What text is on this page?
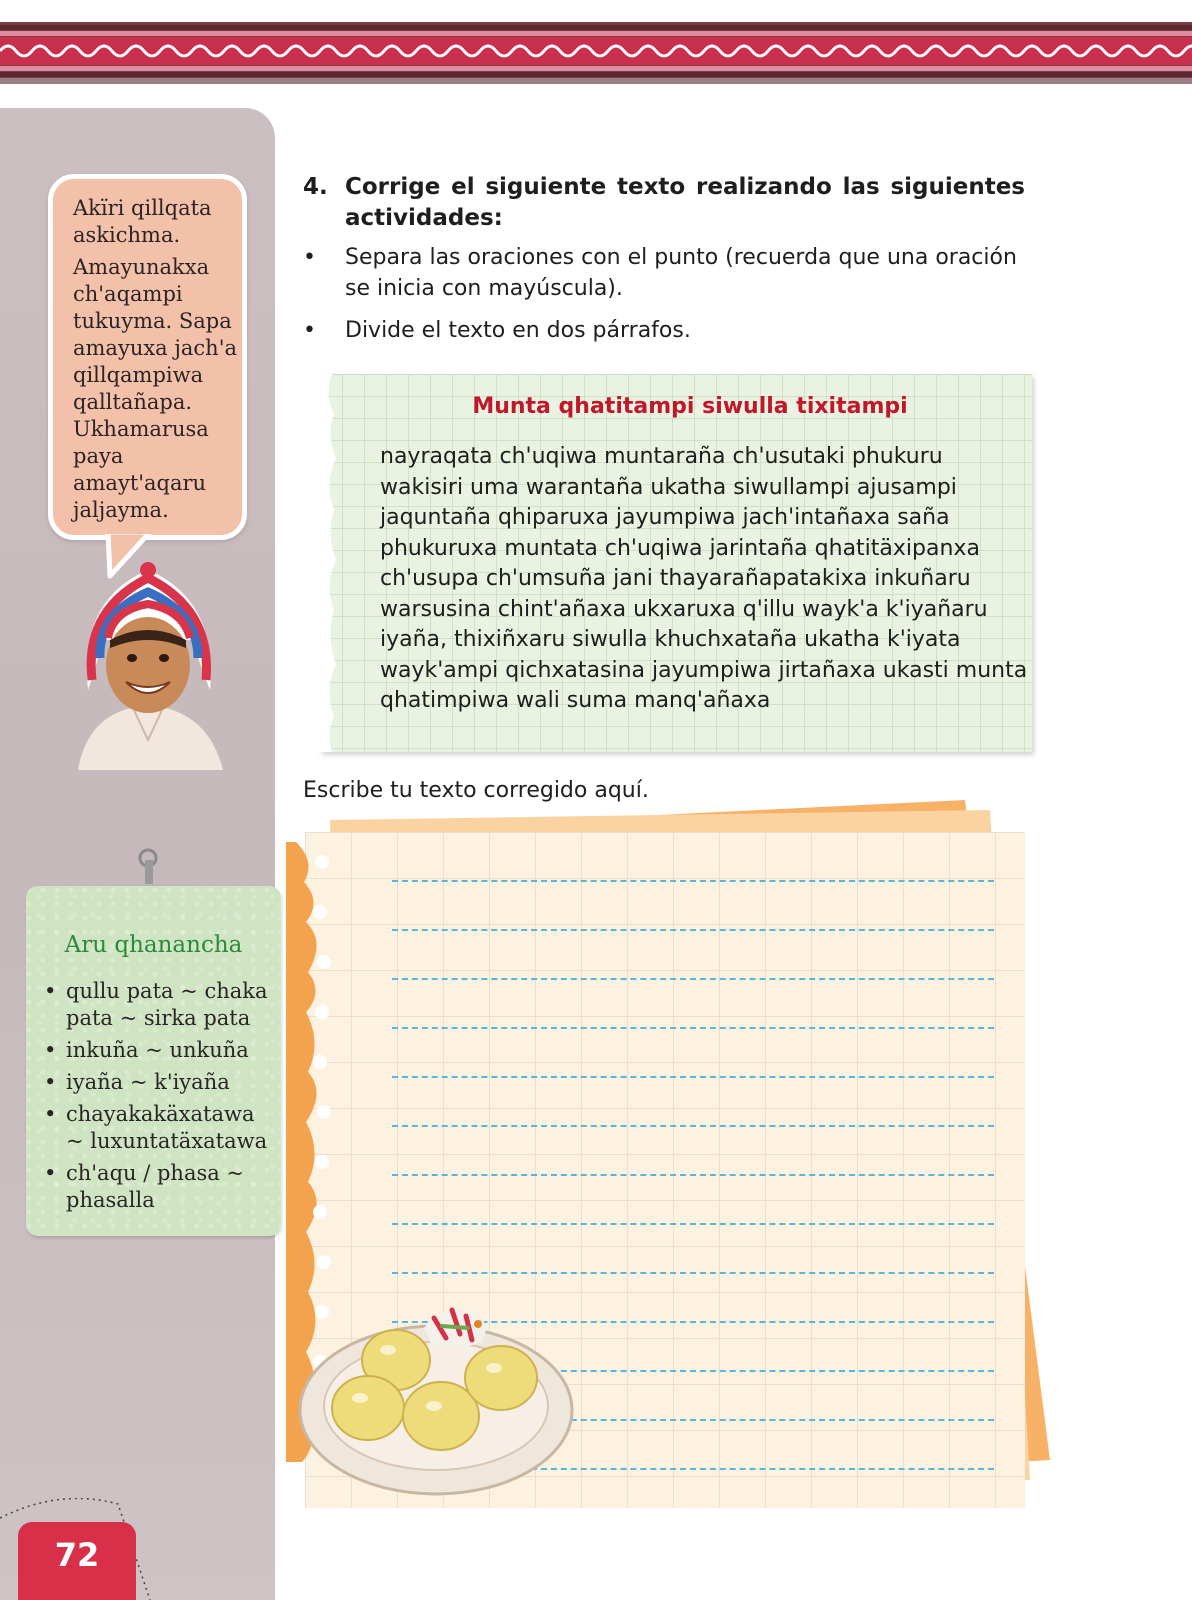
Akïri qillqata askichma.

Amayunakxa ch'aqampi tukuyma. Sapa amayuxa jach'a qillqampiwa qalltañapa. Ukhamarusa paya amayt'aqaru jaljayma.

Aru qhanancha
• qullu pata ~ chaka pata ~ sirka pata
• inkuña ~ unkuña
• iyaña ~ k'iyaña
• chayakakäxatawa ~ luxuntatäxatawa
• ch'aqu / phasa ~ phasalla
72
4. Corrige el siguiente texto realizando las siguientes actividades:
• Separa las oraciones con el punto (recuerda que una oración se inicia con mayúscula).
• Divide el texto en dos párrafos.
Munta qhatitampi siwulla tixitampi
nayraqata ch'uqiwa muntaraña ch'usutaki phukuru
wakisiri uma warantaña ukatha siwullampi ajusampi
jaquntaña qhiparuxa jayumpiwa jach'intañaxa saña
phukuruxa muntata ch'uqiwa jarintaña qhatitäxipanxa
ch'usupa ch'umsuña jani thayarañapatakixa inkuñaru
warsusina chint'añaxa ukxaruxa q'illu wayk'a k'iyañaru
iyaña, thixiñxaru siwulla khuchxataña ukatha k'iyata
wayk'ampi qichxatasina jayumpiwa jirtañaxa ukasti munta
qhatimpiwa wali suma manq'añaxa
Escribe tu texto corregido aquí.
